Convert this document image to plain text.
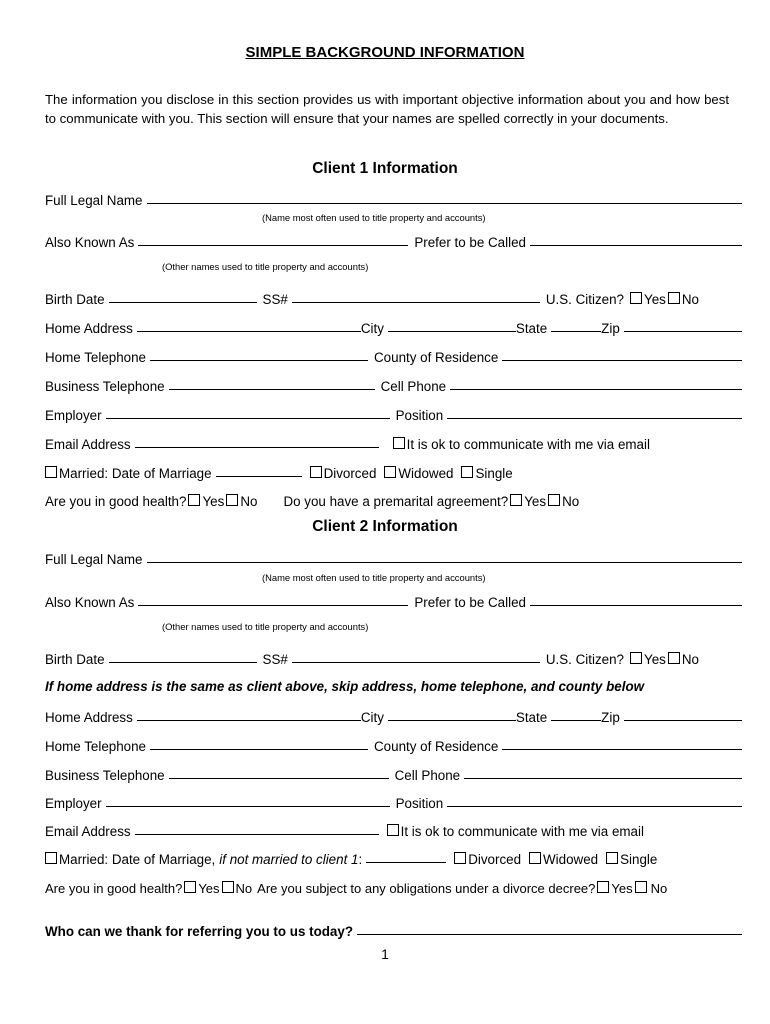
SIMPLE BACKGROUND INFORMATION
The information you disclose in this section provides us with important objective information about you and how best to communicate with you. This section will ensure that your names are spelled correctly in your documents.
Client 1 Information
Full Legal Name
(Name most often used to title property and accounts)
Also Known As	Prefer to be Called
(Other names used to title property and accounts)
Birth Date	SS#	U.S. Citizen? Yes No
Home Address	City	State	Zip
Home Telephone	County of Residence
Business Telephone	Cell Phone
Employer	Position
Email Address	It is ok to communicate with me via email
Married: Date of Marriage	Divorced Widowed Single
Are you in good health? Yes No Do you have a premarital agreement? Yes No
Client 2 Information
Full Legal Name
(Name most often used to title property and accounts)
Also Known As	Prefer to be Called
(Other names used to title property and accounts)
Birth Date	SS#	U.S. Citizen? Yes No
If home address is the same as client above, skip address, home telephone, and county below
Home Address	City	State	Zip
Home Telephone	County of Residence
Business Telephone	Cell Phone
Employer	Position
Email Address	It is ok to communicate with me via email
Married: Date of Marriage, if not married to client 1 :	Divorced Widowed Single
Are you in good health? Yes No Are you subject to any obligations under a divorce decree? Yes No
Who can we thank for referring you to us today?
1
